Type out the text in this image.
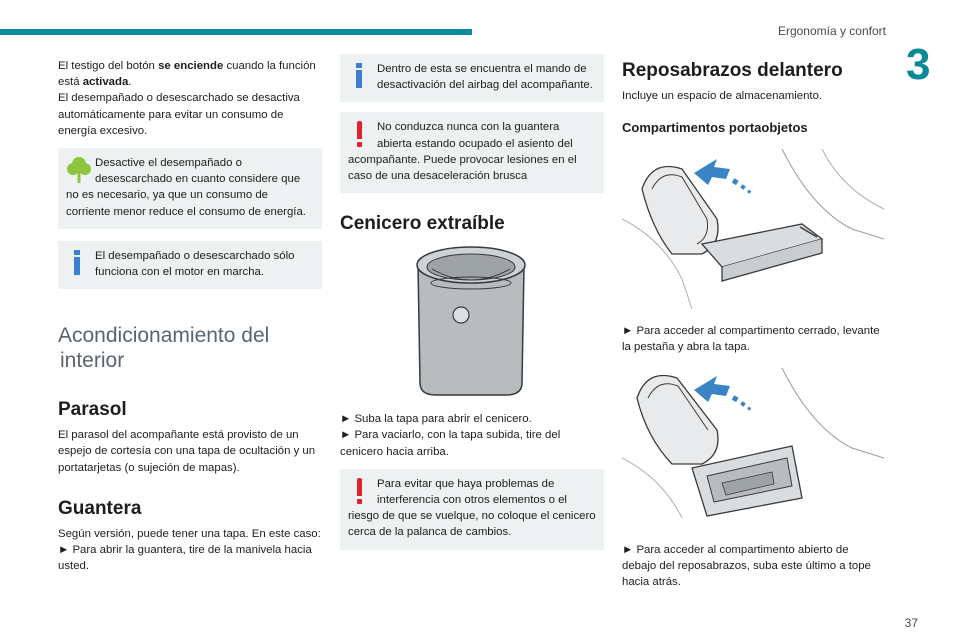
Ergonomía y confort
3

El testigo del botón se enciende cuando la función está activada.

El desempañado o desescarchado se desactiva automáticamente para evitar un consumo de energía excesivo.

Desactive el desempañado o desescarchado en cuanto considere que no es necesario, ya que un consumo de corriente menor reduce el consumo de energía.
El desempañado o desescarchado sólo funciona con el motor en marcha.
Acondicionamiento del
interior
Parasol

El parasol del acompañante está provisto de un espejo de cortesía con una tapa de ocultación y un portatarjetas (o sujeción de mapas).

Guantera

Según versión, puede tener una tapa. En este caso:

► Para abrir la guantera, tire de la manivela hacia usted.

Dentro de esta se encuentra el mando de desactivación del airbag del acompañante.
No conduzca nunca con la guantera abierta estando ocupado el asiento del acompañante. Puede provocar lesiones en el caso de una desaceleración brusca
Cenicero extraíble

► Suba la tapa para abrir el cenicero.

► Para vaciarlo, con la tapa subida, tire del cenicero hacia arriba.

Para evitar que haya problemas de interferencia con otros elementos o el riesgo de que se vuelque, no coloque el cenicero cerca de la palanca de cambios.
Reposabrazos delantero

Incluye un espacio de almacenamiento.

Compartimentos portaobjetos

► Para acceder al compartimento cerrado, levante la pestaña y abra la tapa.

► Para acceder al compartimento abierto de debajo del reposabrazos, suba este último a tope hacia atrás.

37
